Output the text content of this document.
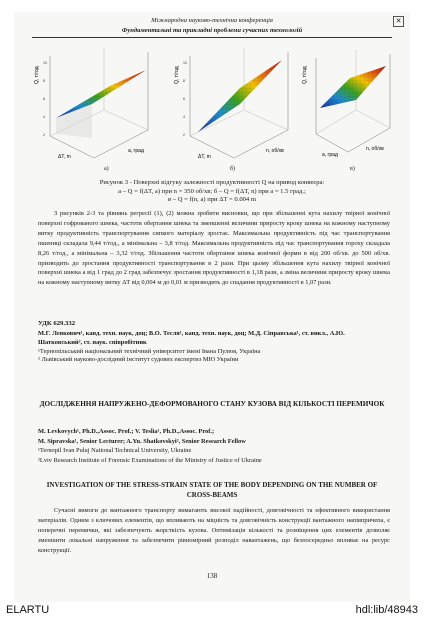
Міжнародна науково-технічна конференція
Фундаментальні та прикладні проблеми сучасних технологій
✕
Q, т/год
ΔT, m
a, град
10
8
6
4
2
Q, т/год
ΔT, m
n, об/хв
10
8
6
4
2
Q, т/год
a, град
n, об/хв
а)	б)	в)
Рисунок 3 - Поверхні відгуку залежності продуктивності Q на привод конвеєра:
а – Q = f(ΔT, a) при n = 350 об/хв; б – Q = f(ΔT, n) при a = 1.5 град.;
в – Q = f(n, a) при ΔT = 0.004 m
З рисунків 2-3 та рівнянь регресії (1), (2) можна зробити висновки, що при збільшенні кута нахилу твірної конічної поверхні гофрованого шнека, частоти обертання шнека та зменшенні величини приросту кроку шнека на кожному наступному витку продуктивність транспортування сипкого матеріалу зростає. Максимальна продуктивність під час транспортування пшениці складала 9,44 т/год., а мінімальна – 3,8 т/год. Максимальна продуктивність під час транспортування гороху складала 8,26 т/год., а мінімальна – 3,32 т/год. Збільшення частоти обертання шнека конічної форми в від 200 об/хв. до 500 об/хв. призводить до зростання продуктивності транспортування в 2 рази. При цьому збільшення кута нахилу твірної конічної поверхні шнека а від 1 град до 2 град забезпечує зростання продуктивності в 1,18 рази, а зміна величини приросту кроку шнека на кожному наступному витку ΔT від 0,004 м до 0,01 м призводить до спадання продуктивності в 1,07 рази.
УДК 629.332
М.Г. Левкович¹, канд. техн. наук, доц; В.О. Тесля¹, канд. техн. наук, доц; М.Д. Сіправська¹, ст. викл., А.Ю. Шатковський², ст. наук. співробітник
¹Тернопільський національний технічний університет імені Івана Пулюя, Україна
² Львівський науково-дослідний інститут судових експертиз МЮ України
ДОСЛІДЖЕННЯ НАПРУЖЕНО-ДЕФОРМОВАНОГО СТАНУ КУЗОВА ВІД КІЛЬКОСТІ ПЕРЕМИЧОК
M. Levkovych¹, Ph.D.,Assoc. Prof.; V. Teslia¹, Ph.D.,Assoc. Prof.;
M. Sipravska¹, Senior Lecturer; A.Yu. Shatkovskyi², Senior Research Fellow
¹Ternopil Ivan Puluj National Technical University, Ukraine
²Lviv Research Institute of Forensic Examinations of the Ministry of Justice of Ukraine
INVESTIGATION OF THE STRESS-STRAIN STATE OF THE BODY DEPENDING ON THE NUMBER OF CROSS-BEAMS
Сучасні вимоги до вантажного транспорту вимагають високої надійності, довговічності та ефективного використання матеріалів. Одним з ключових елементів, що впливають на міцність та довговічність конструкції вантажного напівпричепа, є поперечні перемички, які забезпечують жорсткість кузова. Оптимізація кількості та розміщення цих елементів дозволяє зменшити локальні напруження та забезпечити рівномірний розподіл навантажень, що безпосередньо впливає на ресурс конструкції.
138
ELARTU	hdl:lib/48943
